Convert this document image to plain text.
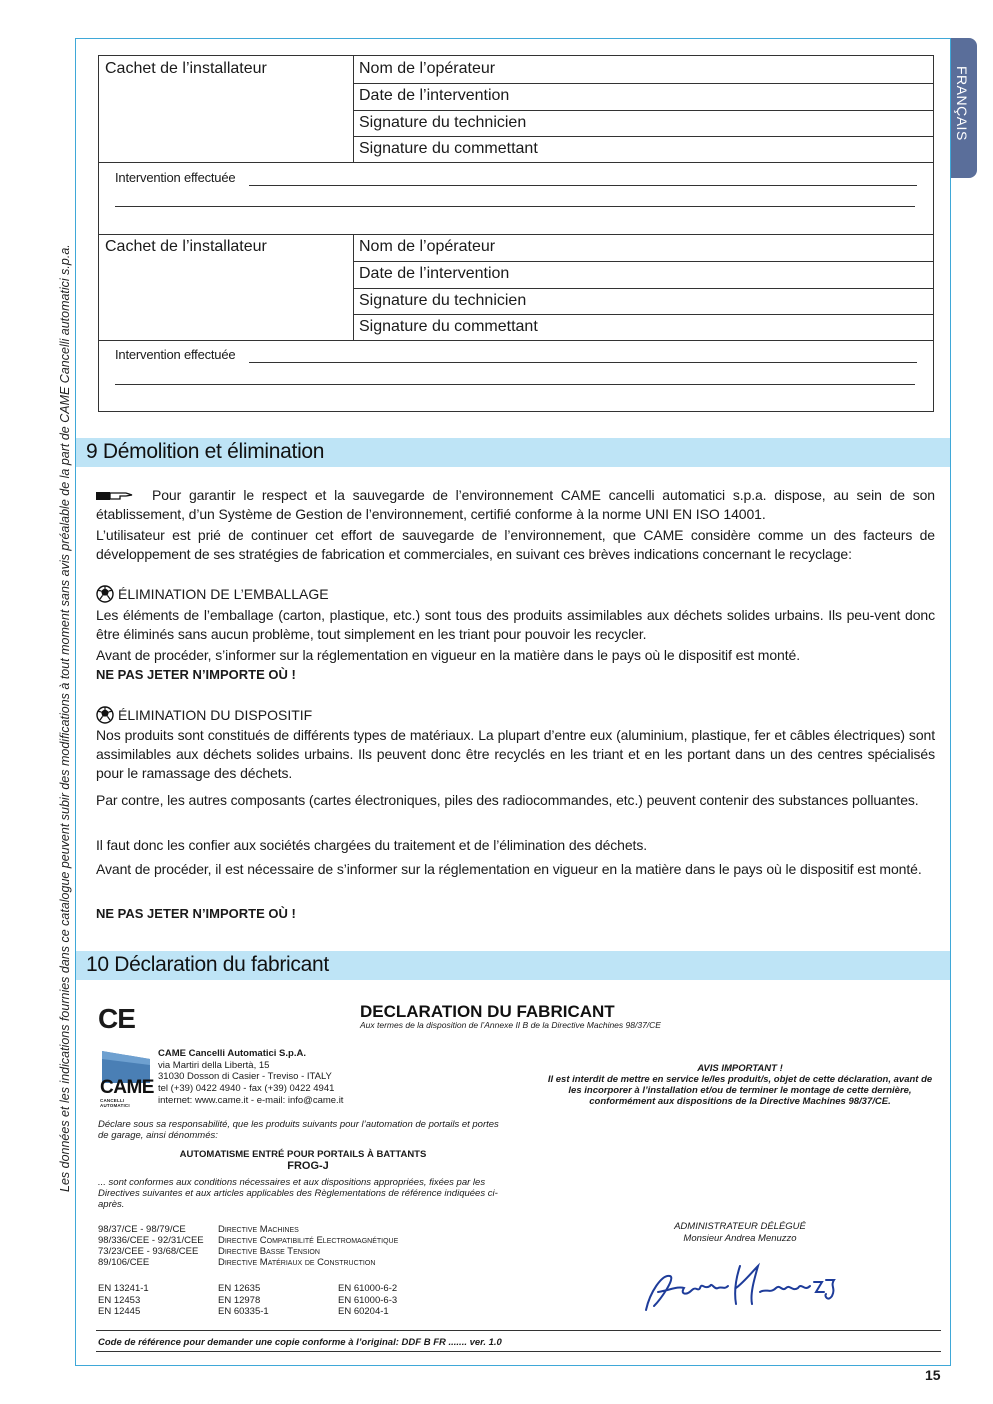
Les données et les indications fournies dans ce catalogue peuvent subir des modifications à tout moment sans avis préalable de la part de CAME Cancelli automatici s.p.a.
FRANÇAIS
Cachet de l’installateur	Nom de l’opérateur
Date de l’intervention
Signature du technicien
Signature du commettant
Intervention effectuée
Cachet de l’installateur	Nom de l’opérateur
Date de l’intervention
Signature du technicien
Signature du commettant
Intervention effectuée
9 Démolition et élimination
Pour garantir le respect et la sauvegarde de l’environnement CAME cancelli automatici s.p.a. dispose, au sein de son établissement, d’un Système de Gestion de l’environnement, certifié conforme à la norme UNI EN ISO 14001.
L’utilisateur est prié de continuer cet effort de sauvegarde de l’environnement, que CAME considère comme un des facteurs de développement de ses stratégies de fabrication et commerciales, en suivant ces brèves indications concernant le recyclage:
ÉLIMINATION DE L’EMBALLAGE
Les éléments de l’emballage (carton, plastique, etc.) sont tous des produits assimilables aux déchets solides urbains. Ils peu-vent donc être éliminés sans aucun problème, tout simplement en les triant pour pouvoir les recycler.
Avant de procéder, s’informer sur la réglementation en vigueur en la matière dans le pays où le dispositif est monté.
NE PAS JETER N’IMPORTE OÙ !
ÉLIMINATION DU DISPOSITIF
Nos produits sont constitués de différents types de matériaux. La plupart d’entre eux (aluminium, plastique, fer et câbles électriques) sont assimilables aux déchets solides urbains. Ils peuvent donc être recyclés en les triant et en les portant dans un des centres spécialisés pour le ramassage des déchets.
Par contre, les autres composants (cartes électroniques, piles des radiocommandes, etc.) peuvent contenir des substances polluantes.
Il faut donc les confier aux sociétés chargées du traitement et de l’élimination des déchets.
Avant de procéder, il est nécessaire de s’informer sur la réglementation en vigueur en la matière dans le pays où le dispositif est monté.
NE PAS JETER N’IMPORTE OÙ !
10 Déclaration du fabricant
CE	DECLARATION DU FABRICANT
Aux termes de la disposition de l’Annexe II B de la Directive Machines 98/37/CE
CAME
CANCELLI AUTOMATICI
CAME Cancelli Automatici S.p.A.
via Martiri della Libertà, 15
31030 Dosson di Casier - Treviso - ITALY
tel (+39) 0422 4940 - fax (+39) 0422 4941
internet: www.came.it - e-mail: info@came.it
AVIS IMPORTANT !
Il est interdit de mettre en service le/les produit/s, objet de cette déclaration, avant de les incorporer à l’installation et/ou de terminer le montage de cette dernière, conformément aux dispositions de la Directive Machines 98/37/CE.
Déclare sous sa responsabilité, que les produits suivants pour l’automation de portails et portes de garage, ainsi dénommés:
AUTOMATISME ENTRÉ POUR PORTAILS À BATTANTS
FROG-J
... sont conformes aux conditions nécessaires et aux dispositions appropriées, fixées par les Directives suivantes et aux articles applicables des Règlementations de référence indiquées ci-après.
98/37/CE - 98/79/CE	Directive Machines
98/336/CEE - 92/31/CEE Directive Compatibilité Electromagnétique
73/23/CEE - 93/68/CEE Directive Basse Tension
89/106/CEE	Directive Matériaux de Construction
EN 13241-1	EN 12635	EN 61000-6-2
EN 12453	EN 12978	EN 61000-6-3
EN 12445	EN 60335-1	EN 60204-1
ADMINISTRATEUR DÉLÉGUÉ
Monsieur Andrea Menuzzo
Code de référence pour demander une copie conforme à l’original: DDF B FR ....... ver. 1.0
15
